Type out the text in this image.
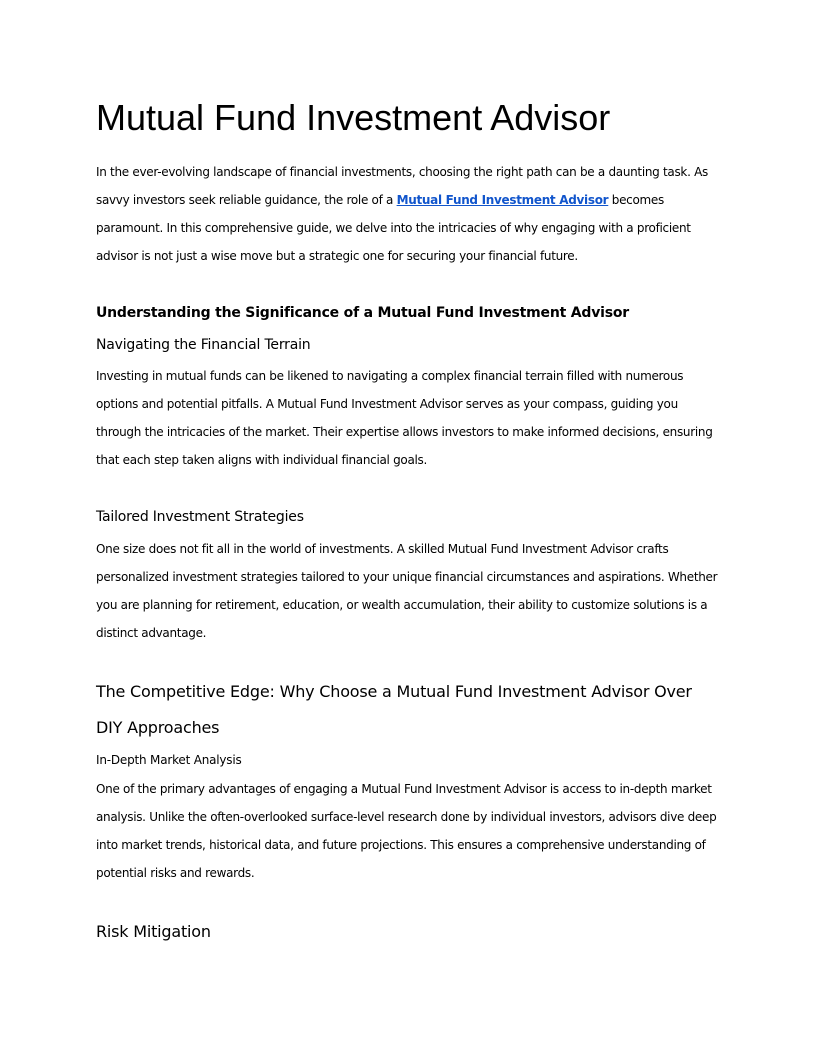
Mutual Fund Investment Advisor

In the ever-evolving landscape of financial investments, choosing the right path can be a daunting task. As savvy investors seek reliable guidance, the role of a Mutual Fund Investment Advisor becomes paramount. In this comprehensive guide, we delve into the intricacies of why engaging with a proficient advisor is not just a wise move but a strategic one for securing your financial future.

Understanding the Significance of a Mutual Fund Investment Advisor
Navigating the Financial Terrain

Investing in mutual funds can be likened to navigating a complex financial terrain filled with numerous options and potential pitfalls. A Mutual Fund Investment Advisor serves as your compass, guiding you through the intricacies of the market. Their expertise allows investors to make informed decisions, ensuring that each step taken aligns with individual financial goals.

Tailored Investment Strategies

One size does not fit all in the world of investments. A skilled Mutual Fund Investment Advisor crafts personalized investment strategies tailored to your unique financial circumstances and aspirations. Whether you are planning for retirement, education, or wealth accumulation, their ability to customize solutions is a distinct advantage.

The Competitive Edge: Why Choose a Mutual Fund Investment Advisor Over DIY Approaches
In-Depth Market Analysis

One of the primary advantages of engaging a Mutual Fund Investment Advisor is access to in-depth market analysis. Unlike the often-overlooked surface-level research done by individual investors, advisors dive deep into market trends, historical data, and future projections. This ensures a comprehensive understanding of potential risks and rewards.

Risk Mitigation
